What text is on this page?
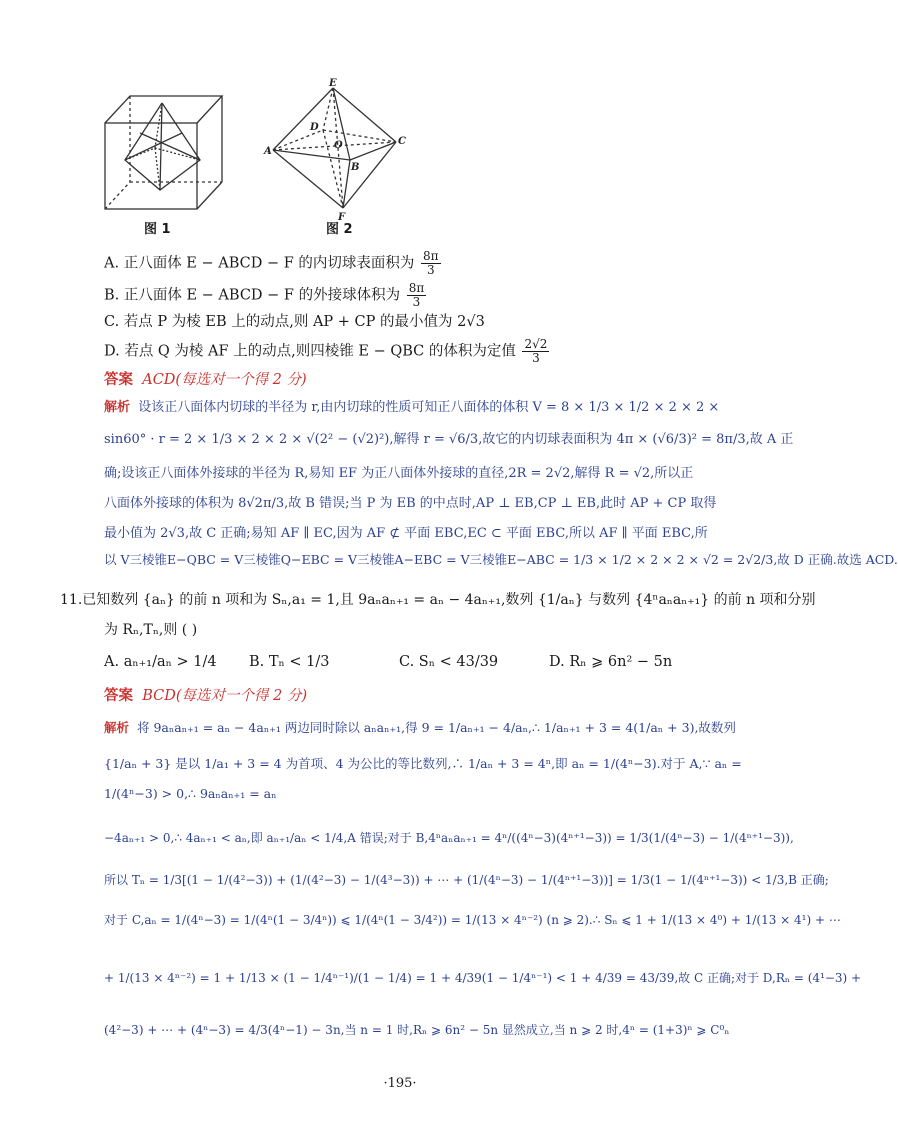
E
A
B
C
D
F
O
图 1	图 2
A. 正八面体 E − ABCD − F 的内切球表面积为 $\frac{8\pi}{3}$
B. 正八面体 E − ABCD − F 的外接球体积为 $\frac{8\pi}{3}$
C. 若点 P 为棱 EB 上的动点,则 AP + CP 的最小值为 2√3
D. 若点 Q 为棱 AF 上的动点,则四棱锥 E − QBC 的体积为定值 $\frac{2√2}{3}$
答案 ACD(每选对一个得 2 分)
解析 设该正八面体内切球的半径为 r,由内切球的性质可知正八面体的体积 V = 8 × 1/3 × 1/2 × 2 × 2 ×
sin60° · r = 2 × 1/3 × 2 × 2 × √(2² − (√2)²),解得 r = √6/3,故它的内切球表面积为 4π × (√6/3)² = 8π/3,故 A 正
确;设该正八面体外接球的半径为 R,易知 EF 为正八面体外接球的直径,2R = 2√2,解得 R = √2,所以正
八面体外接球的体积为 8√2π/3,故 B 错误;当 P 为 EB 的中点时,AP ⊥ EB,CP ⊥ EB,此时 AP + CP 取得
最小值为 2√3,故 C 正确;易知 AF ∥ EC,因为 AF ⊄ 平面 EBC,EC ⊂ 平面 EBC,所以 AF ∥ 平面 EBC,所
以 V三棱锥E−QBC = V三棱锥Q−EBC = V三棱锥A−EBC = V三棱锥E−ABC = 1/3 × 1/2 × 2 × 2 × √2 = 2√2/3,故 D 正确.故选 ACD.
11.已知数列 {aₙ} 的前 n 项和为 Sₙ,a₁ = 1,且 9aₙaₙ₊₁ = aₙ − 4aₙ₊₁,数列 {1/aₙ} 与数列 {4ⁿaₙaₙ₊₁} 的前 n 项和分别
为 Rₙ,Tₙ,则 ( )
A. aₙ₊₁/aₙ > 1/4 B. Tₙ < 1/3	C. Sₙ < 43/39	D. Rₙ ⩾ 6n² − 5n
答案 BCD(每选对一个得 2 分)
解析 将 9aₙaₙ₊₁ = aₙ − 4aₙ₊₁ 两边同时除以 aₙaₙ₊₁,得 9 = 1/aₙ₊₁ − 4/aₙ,∴ 1/aₙ₊₁ + 3 = 4(1/aₙ + 3),故数列
{1/aₙ + 3} 是以 1/a₁ + 3 = 4 为首项、4 为公比的等比数列,∴ 1/aₙ + 3 = 4ⁿ,即 aₙ = 1/(4ⁿ−3).对于 A,∵ aₙ =
1/(4ⁿ−3) > 0,∴ 9aₙaₙ₊₁ = aₙ
−4aₙ₊₁ > 0,∴ 4aₙ₊₁ < aₙ,即 aₙ₊₁/aₙ < 1/4,A 错误;对于 B,4ⁿaₙaₙ₊₁ = 4ⁿ/((4ⁿ−3)(4ⁿ⁺¹−3)) = 1/3(1/(4ⁿ−3) − 1/(4ⁿ⁺¹−3)),
所以 Tₙ = 1/3[(1 − 1/(4²−3)) + (1/(4²−3) − 1/(4³−3)) + ⋯ + (1/(4ⁿ−3) − 1/(4ⁿ⁺¹−3))] = 1/3(1 − 1/(4ⁿ⁺¹−3)) < 1/3,B 正确;
对于 C,aₙ = 1/(4ⁿ−3) = 1/(4ⁿ(1 − 3/4ⁿ)) ⩽ 1/(4ⁿ(1 − 3/4²)) = 1/(13 × 4ⁿ⁻²) (n ⩾ 2).∴ Sₙ ⩽ 1 + 1/(13 × 4⁰) + 1/(13 × 4¹) + ⋯
+ 1/(13 × 4ⁿ⁻²) = 1 + 1/13 × (1 − 1/4ⁿ⁻¹)/(1 − 1/4) = 1 + 4/39(1 − 1/4ⁿ⁻¹) < 1 + 4/39 = 43/39,故 C 正确;对于 D,Rₙ = (4¹−3) +
(4²−3) + ⋯ + (4ⁿ−3) = 4/3(4ⁿ−1) − 3n,当 n = 1 时,Rₙ ⩾ 6n² − 5n 显然成立,当 n ⩾ 2 时,4ⁿ = (1+3)ⁿ ⩾ C⁰ₙ
·195·
